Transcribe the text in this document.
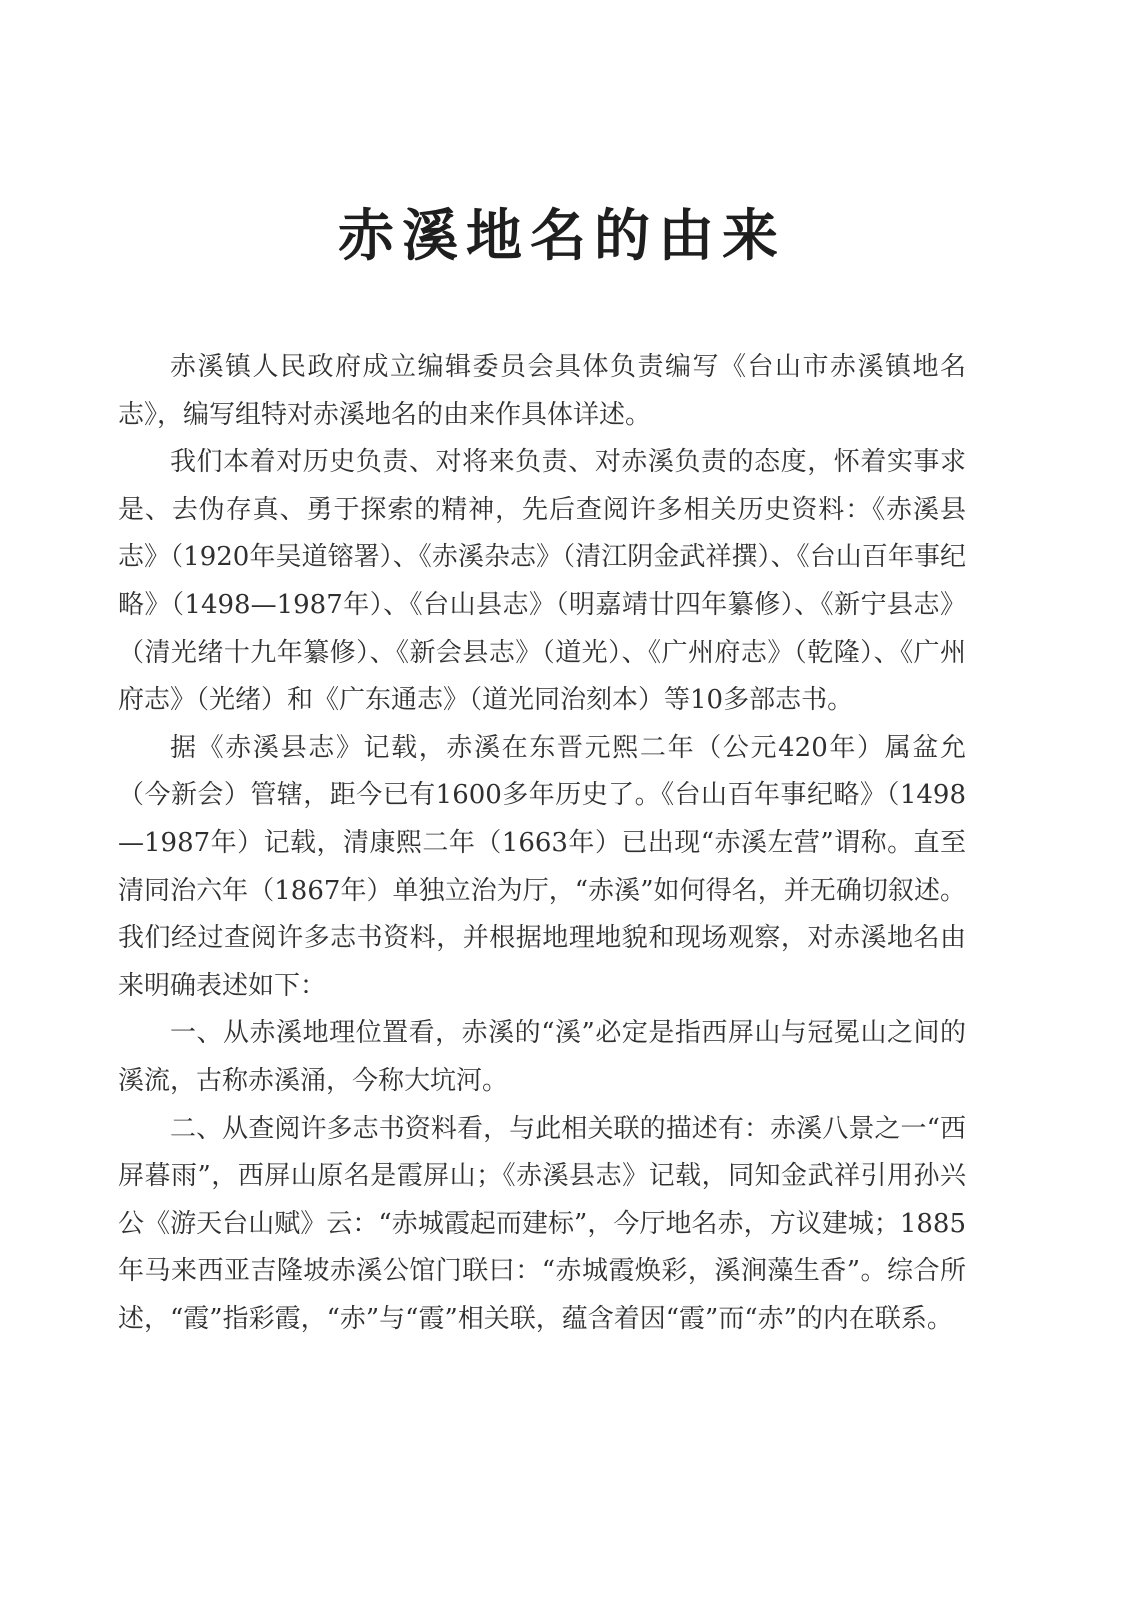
赤溪地名的由来

赤溪镇人民政府成立编辑委员会具体负责编写《台山市赤溪镇地名志》，编写组特对赤溪地名的由来作具体详述。

我们本着对历史负责、对将来负责、对赤溪负责的态度，怀着实事求是、去伪存真、勇于探索的精神，先后查阅许多相关历史资料：《赤溪县志》（1920年吴道镕署）、《赤溪杂志》（清江阴金武祥撰）、《台山百年事纪略》（1498—1987年）、《台山县志》（明嘉靖廿四年纂修）、《新宁县志》（清光绪十九年纂修）、《新会县志》（道光）、《广州府志》（乾隆）、《广州府志》（光绪）和《广东通志》（道光同治刻本）等10多部志书。

据《赤溪县志》记载，赤溪在东晋元熙二年（公元420年）属盆允（今新会）管辖，距今已有1600多年历史了。《台山百年事纪略》（1498—1987年）记载，清康熙二年（1663年）已出现“赤溪左营”谓称。直至清同治六年（1867年）单独立治为厅，“赤溪”如何得名，并无确切叙述。我们经过查阅许多志书资料，并根据地理地貌和现场观察，对赤溪地名由来明确表述如下：

一、从赤溪地理位置看，赤溪的“溪”必定是指西屏山与冠冕山之间的溪流，古称赤溪涌，今称大坑河。

二、从查阅许多志书资料看，与此相关联的描述有：赤溪八景之一“西屏暮雨”，西屏山原名是霞屏山；《赤溪县志》记载，同知金武祥引用孙兴公《游天台山赋》云：“赤城霞起而建标”，今厅地名赤，方议建城；1885年马来西亚吉隆坡赤溪公馆门联曰：“赤城霞焕彩，溪涧藻生香”。综合所述，“霞”指彩霞，“赤”与“霞”相关联，蕴含着因“霞”而“赤”的内在联系。
